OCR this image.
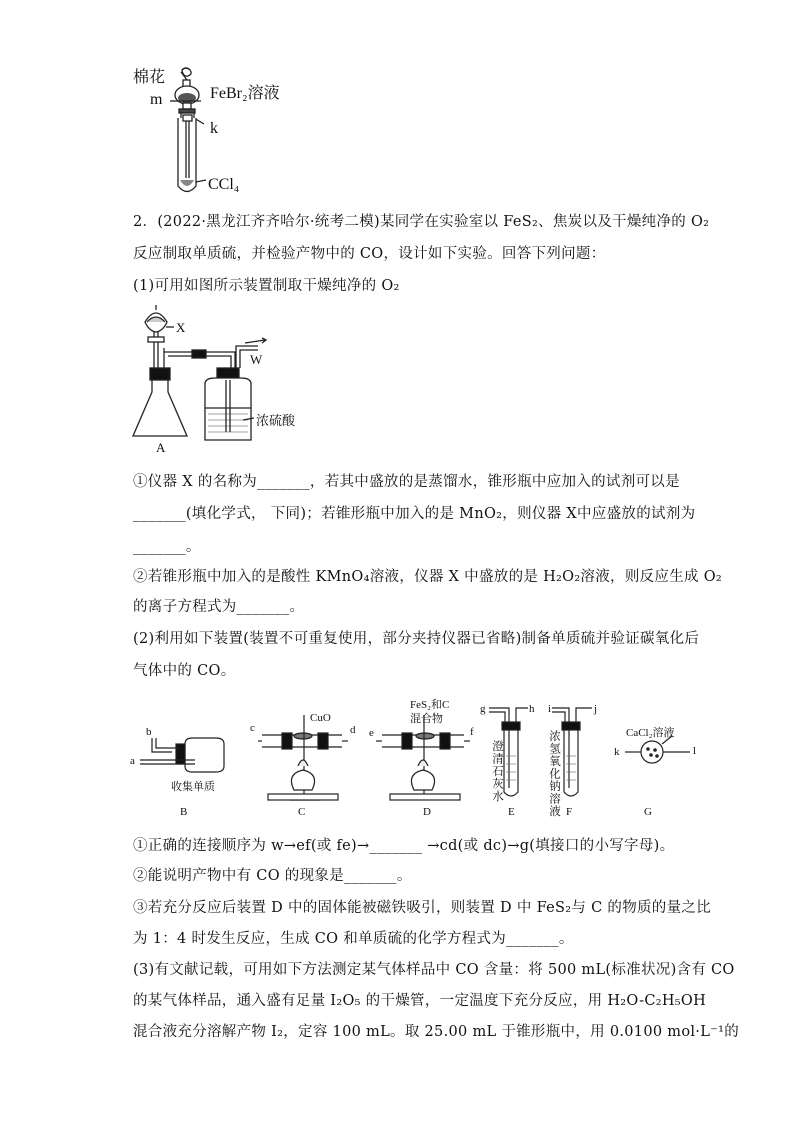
棉花
m	FeBr₂溶液
k
CCl₄
2．(2022·黑龙江齐齐哈尔·统考二模)某同学在实验室以 FeS₂、焦炭以及干燥纯净的 O₂
反应制取单质硫，并检验产物中的 CO，设计如下实验。回答下列问题：
(1)可用如图所示装置制取干燥纯净的 O₂
X
W
浓硫酸
A
①仪器 X 的名称为_______，若其中盛放的是蒸馏水，锥形瓶中应加入的试剂可以是
_______(填化学式， 下同)；若锥形瓶中加入的是 MnO₂，则仪器 X中应盛放的试剂为
_______。
②若锥形瓶中加入的是酸性 KMnO₄溶液，仪器 X 中盛放的是 H₂O₂溶液，则反应生成 O₂
的离子方程式为_______。
(2)利用如下装置(装置不可重复使用，部分夹持仪器已省略)制备单质硫并验证碳氧化后
气体中的 CO。
b
a
收集单质
B
c	d
CuO
C
e	f
FeS₂和C
混合物
D
g	h
澄清石灰水
E
i	j
浓氢氧化钠溶液 F
CaCl₂溶液
k	l
G
①正确的连接顺序为 w→ef(或 fe)→_______ →cd(或 dc)→g(填接口的小写字母)。
②能说明产物中有 CO 的现象是_______。
③若充分反应后装置 D 中的固体能被磁铁吸引，则装置 D 中 FeS₂与 C 的物质的量之比
为 1：4 时发生反应，生成 CO 和单质硫的化学方程式为_______。
(3)有文献记载，可用如下方法测定某气体样品中 CO 含量：将 500 mL(标准状况)含有 CO
的某气体样品，通入盛有足量 I₂O₅ 的干燥管，一定温度下充分反应，用 H₂O-C₂H₅OH
混合液充分溶解产物 I₂，定容 100 mL。取 25.00 mL 于锥形瓶中，用 0.0100 mol·L⁻¹的
